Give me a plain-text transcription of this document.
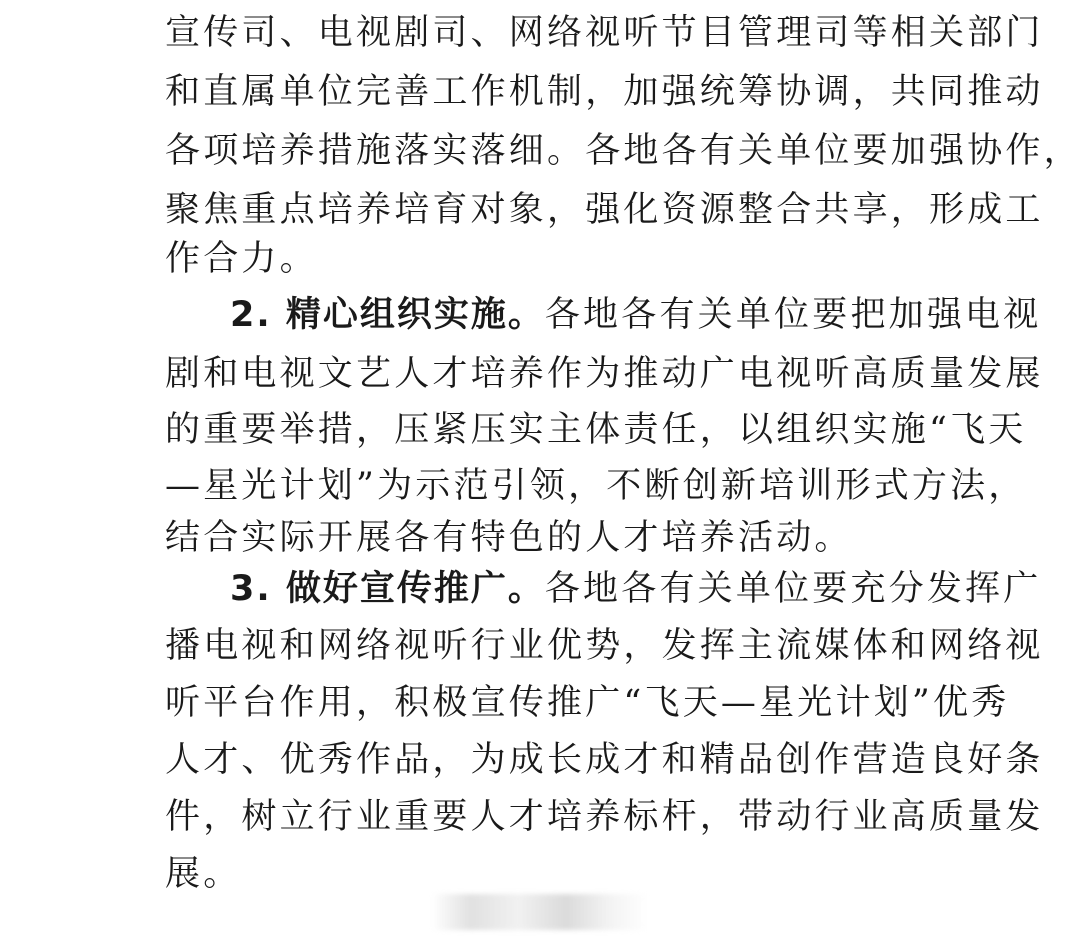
宣传司、电视剧司、网络视听节目管理司等相关部门
和直属单位完善工作机制，加强统筹协调，共同推动
各项培养措施落实落细。各地各有关单位要加强协作，
聚焦重点培养培育对象，强化资源整合共享，形成工
作合力。
2. 精心组织实施。各地各有关单位要把加强电视
剧和电视文艺人才培养作为推动广电视听高质量发展
的重要举措，压紧压实主体责任，以组织实施“飞天
—星光计划”为示范引领，不断创新培训形式方法，
结合实际开展各有特色的人才培养活动。
3. 做好宣传推广。各地各有关单位要充分发挥广
播电视和网络视听行业优势，发挥主流媒体和网络视
听平台作用，积极宣传推广“飞天—星光计划”优秀
人才、优秀作品，为成长成才和精品创作营造良好条
件，树立行业重要人才培养标杆，带动行业高质量发
展。
